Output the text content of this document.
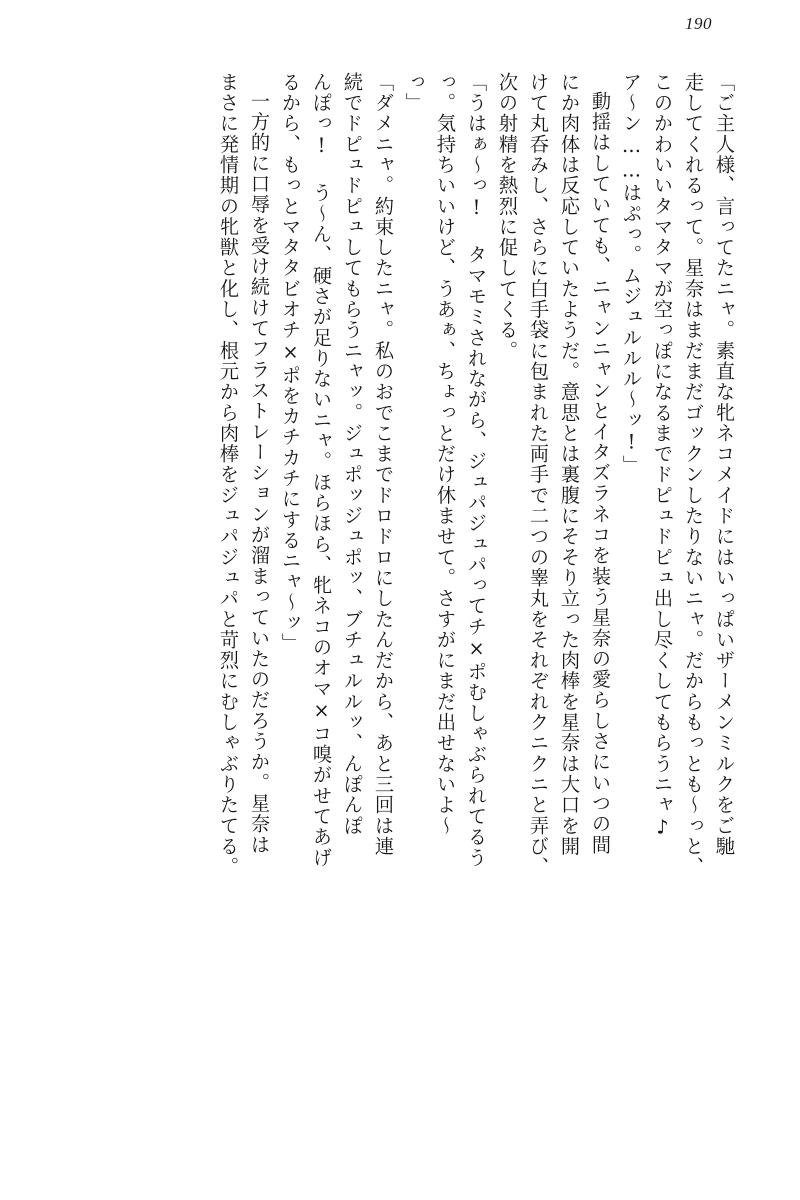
190
「ご主人様、言ってたニャ。素直な牝ネコメイドにはいっぱいザーメンミルクをご馳
走してくれるって。星奈はまだまだゴックンしたりないニャ。だからもっとも～っと、
このかわいいタマタマが空っぽになるまでドピュドピュ出し尽くしてもらうニャ♪
ア～ン……はぷっ。ムジュルルル～ッ!」
動揺はしていても、ニャンニャンとイタズラネコを装う星奈の愛らしさにいつの間
にか肉体は反応していたようだ。意思とは裏腹にそそり立った肉棒を星奈は大口を開
けて丸呑みし、さらに白手袋に包まれた両手で二つの睾丸をそれぞれクニクニと弄び、
次の射精を熱烈に促してくる。
「うはぁ～っ! タマモミされながら、ジュパジュパってチ×ポむしゃぶられてるう
っ。気持ちいいけど、うあぁ、ちょっとだけ休ませて。さすがにまだ出せないよ～
っ」
「ダメニャ。約束したニャ。私のおでこまでドロドロにしたんだから、あと三回は連
続でドピュドピュしてもらうニャッ。ジュポッジュポッ、ブチュルルッ、んぽんぽ
んぽっ! う～ん、硬さが足りないニャ。ほらほら、牝ネコのオマ×コ嗅がせてあげ
るから、もっとマタタビオチ×ポをカチカチにするニャ～ッ」
一方的に口辱を受け続けてフラストレーションが溜まっていたのだろうか。星奈は
まさに発情期の牝獣と化し、根元から肉棒をジュパジュパと苛烈にむしゃぶりたてる。
